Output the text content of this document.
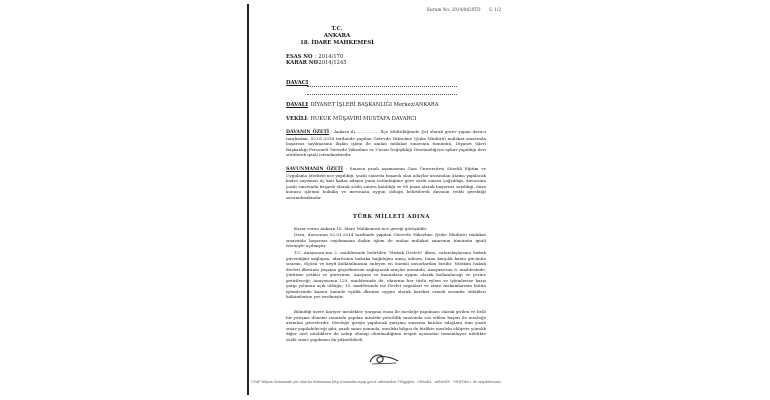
Kurum No: 2014/0420TD S. 1/2
T.C.
ANKARA
18. İDARE MAHKEMESİ
ESAS NO : 2014/170
KARAR NO
: 2014/1245
DAVACI
DAVALI : DİYANET İŞLERİ BAŞKANLIĞI Merkez/ANKARA
VEKİLİ : HUKUK MÜŞAVİRİ MUSTAFA DAVARCI
DAVANIN ÖZETİ : Ankara ili, ................ İlçe Müftülüğünde Şef olarak görev yapan davacı tarafından, 02.01.2014 tarihinde yapılan Görevde Yükselme (Şube Müdürü) mülakat sınavında başarısız sayılmasına ilişkin işlem ile anılan mülakat sınavının tümünün, Diyanet İşleri Başkanlığı Personeli Görevde Yükselme ve Unvan Değişikliği Yönetmeliği'ne aykırı yapıldığı ileri sürülerek iptali istenilmektedir.
SAVUNMANIN ÖZETİ : Sınavın yazılı aşamasının Gazi Üniversitesi Sürekli Eğitim ve Uygulama Merkezi'nce yapıldığı, yazılı sınavda başarılı olan adaylar arasından atama yapılacak kadro sayısının üç katı kadar adayın puan üstünlüğüne göre sözlü sınava çağrıldığı, davacının yazılı sınavında başarılı olarak sözlü sınava katıldığı ve 60 puan alarak başarısız sayıldığı, dava konusu işlemin hukuka ve mevzuata uygun olduğu belirtilerek davanın reddi gerektiği savunulmaktadır.
TÜRK MİLLETİ ADINA
Karar veren Ankara 18. İdare Mahkemesi'nce gereği görüşüldü:
Dava, davacının 02.01.2014 tarihinde yapılan Görevde Yükselme (Şube Müdürü) mülakat sınavında başarısız sayılmasına ilişkin işlem ile anılan mülakat sınavının tümünün iptali istemiyle açılmıştır.
T.C. Anayasası'nın 2. maddesinde belirtilen "Hukuk Devleti" ilkesi, vatandaşlarının hukuk güvenliğini sağlayan, idaresinin hukuka bağlılığını amaç edinen, buna karşılık kamu gücünün sınırını, ölçüsü ve keyfi kullanılmasını önleyen en önemli unsurlardan biridir. Nitekim hukuk devleti ilkesinin yaşama geçirilmesini sağlayacak araçlar arasında, Anayasa'nın 8. maddesinde, yürütme yetkisi ve görevinin, Anayasa ve kanunlara uygun olarak kullanılacağı ve yerine getirileceği; Anayasanın 125. maddesinde de, idarenin her türlü eylem ve işlemlerine karşı yargı yolunun açık olduğu; 10. maddesinde ise Devlet organları ve idare makamlarının bütün işlemlerinde kanun önünde eşitlik ilkesine uygun olarak hareket etmek zorunda oldukları hükümlerine yer verilmiştir.
Bilindiği üzere kariyer meslekler, yarışma esası ile mesleğe yapılması olarak girilen ve belli bir yetişme dönemi sonunda yapılan mesleki yeterlilik sınavında söz edilen başarı ile mesleğe atanılan görevlerdir. Mesleğe girişte yapılacak yarışma sınavına katılan adaylara tüm yazılı sınav yapılabileceği gibi, yazılı sınav yanında, mesleki bilgisi ile birlikte mesleki ehliyete yönelik diğer özel niteliklere de sahip olunup olunmadığının tespiti açısından tamamlayıcı nitelikte sözlü sınav yapılması da yükseltilirdi.
UYAP Bilişim Sisteminde yer alan bu dokümana http://vatandas.uyap.gov.tr adresinden YWgpgbw - eWxuEA - mEvuWV - 9NWVdw= ile erişebilirsiniz.
